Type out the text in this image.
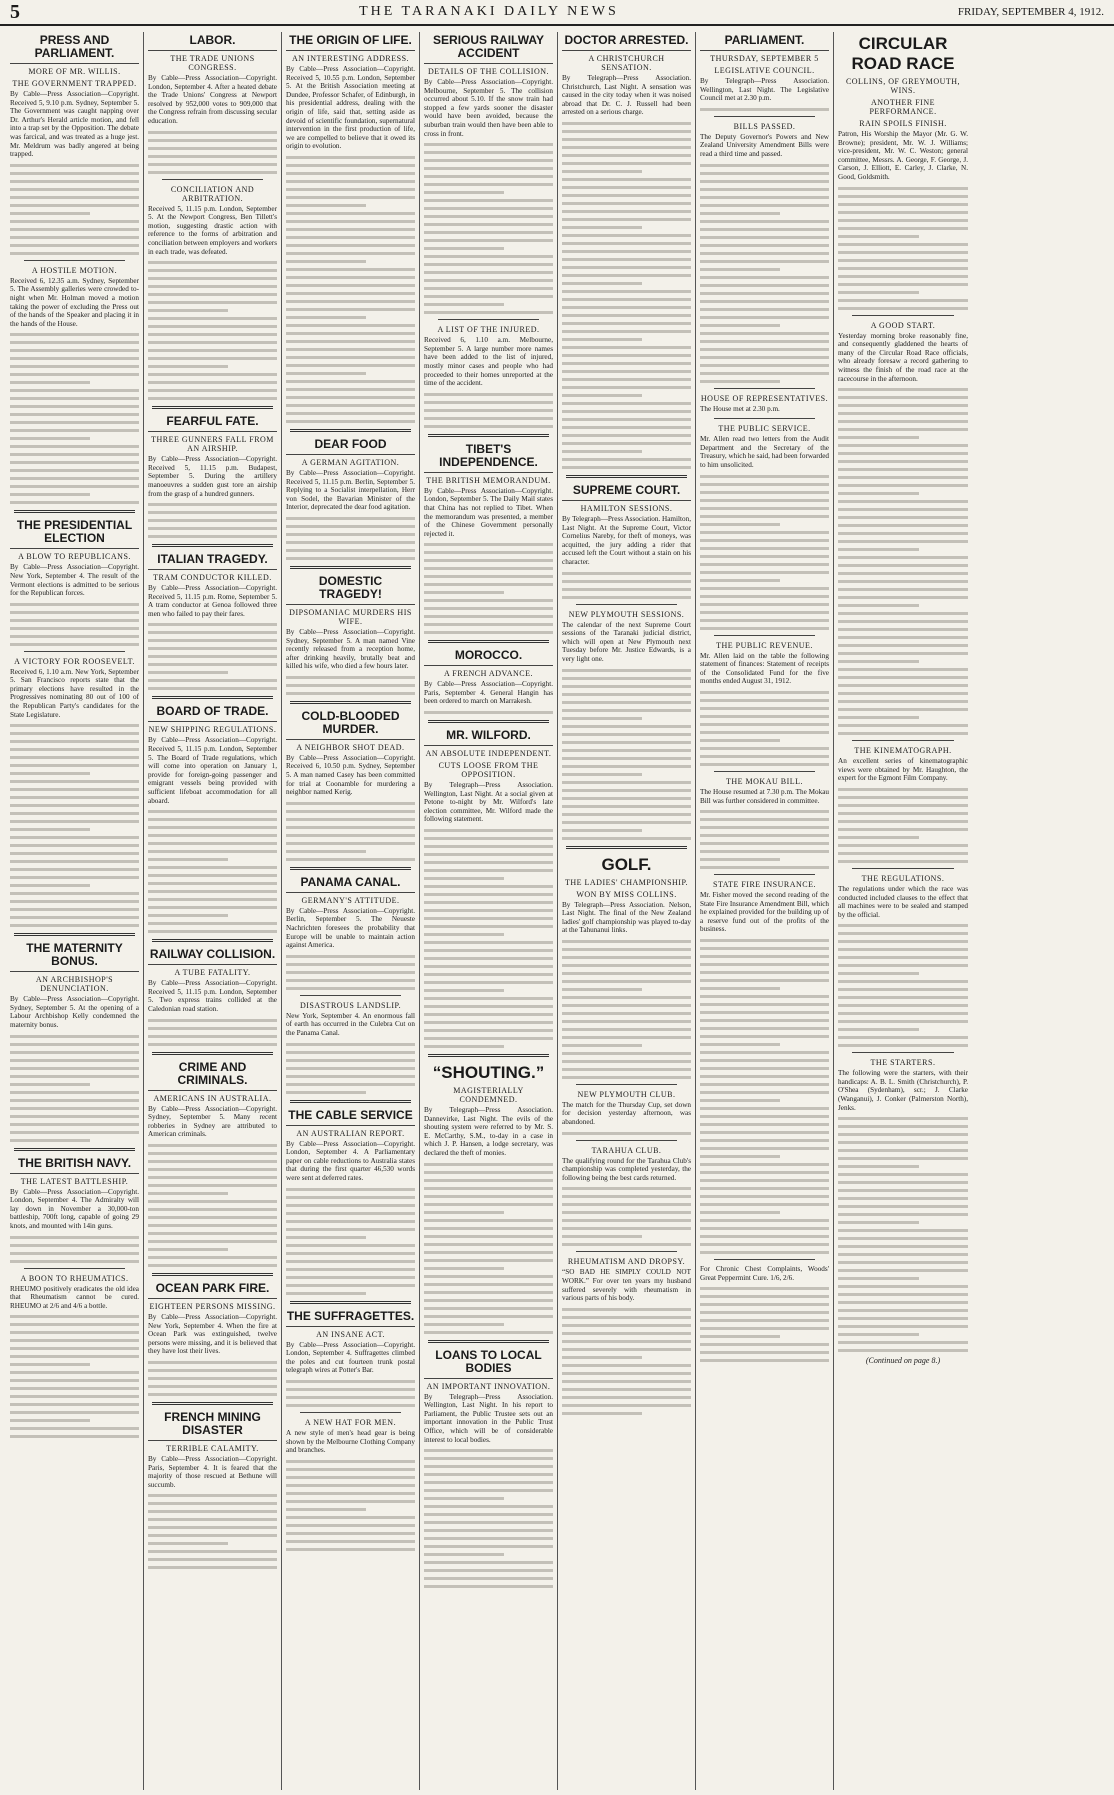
5	THE TARANAKI DAILY NEWS	FRIDAY, SEPTEMBER 4, 1912.
PRESS AND PARLIAMENT.
MORE OF MR. WILLIS.
THE GOVERNMENT TRAPPED.

By Cable—Press Association—Copyright. Received 5, 9.10 p.m. Sydney, September 5. The Government was caught napping over Dr. Arthur's Herald article motion, and fell into a trap set by the Opposition. The debate was farcical, and was treated as a huge jest. Mr. Meldrum was badly angered at being trapped.

A HOSTILE MOTION.

Received 6, 12.35 a.m. Sydney, September 5. The Assembly galleries were crowded to-night when Mr. Holman moved a motion taking the power of excluding the Press out of the hands of the Speaker and placing it in the hands of the House.

THE PRESIDENTIAL ELECTION
A BLOW TO REPUBLICANS.

By Cable—Press Association—Copyright. New York, September 4. The result of the Vermont elections is admitted to be serious for the Republican forces.

A VICTORY FOR ROOSEVELT.

Received 6, 1.10 a.m. New York, September 5. San Francisco reports state that the primary elections have resulted in the Progressives nominating 80 out of 100 of the Republican Party's candidates for the State Legislature.

THE MATERNITY BONUS.
AN ARCHBISHOP'S DENUNCIATION.

By Cable—Press Association—Copyright. Sydney, September 5. At the opening of a Labour Archbishop Kelly condemned the maternity bonus.

THE BRITISH NAVY.
THE LATEST BATTLESHIP.

By Cable—Press Association—Copyright. London, September 4. The Admiralty will lay down in November a 30,000-ton battleship, 700ft long, capable of going 29 knots, and mounted with 14in guns.

A BOON TO RHEUMATICS.

RHEUMO positively eradicates the old idea that Rheumatism cannot be cured. RHEUMO at 2/6 and 4/6 a bottle.

LABOR.
THE TRADE UNIONS CONGRESS.

By Cable—Press Association—Copyright. London, September 4. After a heated debate the Trade Unions' Congress at Newport resolved by 952,000 votes to 909,000 that the Congress refrain from discussing secular education.

CONCILIATION AND ARBITRATION.

Received 5, 11.15 p.m. London, September 5. At the Newport Congress, Ben Tillett's motion, suggesting drastic action with reference to the forms of arbitration and conciliation between employers and workers in each trade, was defeated.

FEARFUL FATE.
THREE GUNNERS FALL FROM AN AIRSHIP.

By Cable—Press Association—Copyright. Received 5, 11.15 p.m. Budapest, September 5. During the artillery manoeuvres a sudden gust tore an airship from the grasp of a hundred gunners.

ITALIAN TRAGEDY.
TRAM CONDUCTOR KILLED.

By Cable—Press Association—Copyright. Received 5, 11.15 p.m. Rome, September 5. A tram conductor at Genoa followed three men who failed to pay their fares.

BOARD OF TRADE.
NEW SHIPPING REGULATIONS.

By Cable—Press Association—Copyright. Received 5, 11.15 p.m. London, September 5. The Board of Trade regulations, which will come into operation on January 1, provide for foreign-going passenger and emigrant vessels being provided with sufficient lifeboat accommodation for all aboard.

RAILWAY COLLISION.
A TUBE FATALITY.

By Cable—Press Association—Copyright. Received 5, 11.15 p.m. London, September 5. Two express trains collided at the Caledonian road station.

CRIME AND CRIMINALS.
AMERICANS IN AUSTRALIA.

By Cable—Press Association—Copyright. Sydney, September 5. Many recent robberies in Sydney are attributed to American criminals.

OCEAN PARK FIRE.
EIGHTEEN PERSONS MISSING.

By Cable—Press Association—Copyright. New York, September 4. When the fire at Ocean Park was extinguished, twelve persons were missing, and it is believed that they have lost their lives.

FRENCH MINING DISASTER
TERRIBLE CALAMITY.

By Cable—Press Association—Copyright. Paris, September 4. It is feared that the majority of those rescued at Bethune will succumb.

THE ORIGIN OF LIFE.
AN INTERESTING ADDRESS.

By Cable—Press Association—Copyright. Received 5, 10.55 p.m. London, September 5. At the British Association meeting at Dundee, Professor Schafer, of Edinburgh, in his presidential address, dealing with the origin of life, said that, setting aside as devoid of scientific foundation, supernatural intervention in the first production of life, we are compelled to believe that it owed its origin to evolution.

DEAR FOOD
A GERMAN AGITATION.

By Cable—Press Association—Copyright. Received 5, 11.15 p.m. Berlin, September 5. Replying to a Socialist interpellation, Herr von Sodel, the Bavarian Minister of the Interior, deprecated the dear food agitation.

DOMESTIC TRAGEDY!
DIPSOMANIAC MURDERS HIS WIFE.

By Cable—Press Association—Copyright. Sydney, September 5. A man named Vine recently released from a reception home, after drinking heavily, brutally beat and killed his wife, who died a few hours later.

COLD-BLOODED MURDER.
A NEIGHBOR SHOT DEAD.

By Cable—Press Association—Copyright. Received 6, 10.50 p.m. Sydney, September 5. A man named Casey has been committed for trial at Coonamble for murdering a neighbor named Kerig.

PANAMA CANAL.
GERMANY'S ATTITUDE.

By Cable—Press Association—Copyright. Berlin, September 5. The Neueste Nachrichten foresees the probability that Europe will be unable to maintain action against America.

DISASTROUS LANDSLIP.

New York, September 4. An enormous fall of earth has occurred in the Culebra Cut on the Panama Canal.

THE CABLE SERVICE
AN AUSTRALIAN REPORT.

By Cable—Press Association—Copyright. London, September 4. A Parliamentary paper on cable reductions to Australia states that during the first quarter 46,530 words were sent at deferred rates.

THE SUFFRAGETTES.
AN INSANE ACT.

By Cable—Press Association—Copyright. London, September 4. Suffragettes climbed the poles and cut fourteen trunk postal telegraph wires at Potter's Bar.

A NEW HAT FOR MEN.

A new style of men's head gear is being shown by the Melbourne Clothing Company and branches.

SERIOUS RAILWAY ACCIDENT
DETAILS OF THE COLLISION.

By Cable—Press Association—Copyright. Melbourne, September 5. The collision occurred about 5.10. If the snow train had stopped a few yards sooner the disaster would have been avoided, because the suburban train would then have been able to cross in front.

A LIST OF THE INJURED.

Received 6, 1.10 a.m. Melbourne, September 5. A large number more names have been added to the list of injured, mostly minor cases and people who had proceeded to their homes unreported at the time of the accident.

TIBET'S INDEPENDENCE.
THE BRITISH MEMORANDUM.

By Cable—Press Association—Copyright. London, September 5. The Daily Mail states that China has not replied to Tibet. When the memorandum was presented, a member of the Chinese Government personally rejected it.

MOROCCO.
A FRENCH ADVANCE.

By Cable—Press Association—Copyright. Paris, September 4. General Hangin has been ordered to march on Marrakesh.

MR. WILFORD.
AN ABSOLUTE INDEPENDENT.
CUTS LOOSE FROM THE OPPOSITION.

By Telegraph—Press Association. Wellington, Last Night. At a social given at Petone to-night by Mr. Wilford's late election committee, Mr. Wilford made the following statement.

“SHOUTING.”
MAGISTERIALLY CONDEMNED.

By Telegraph—Press Association. Dannevirke, Last Night. The evils of the shouting system were referred to by Mr. S. E. McCarthy, S.M., to-day in a case in which J. P. Hansen, a lodge secretary, was declared the theft of monies.

LOANS TO LOCAL BODIES
AN IMPORTANT INNOVATION.

By Telegraph—Press Association. Wellington, Last Night. In his report to Parliament, the Public Trustee sets out an important innovation in the Public Trust Office, which will be of considerable interest to local bodies.

DOCTOR ARRESTED.
A CHRISTCHURCH SENSATION.

By Telegraph—Press Association. Christchurch, Last Night. A sensation was caused in the city today when it was noised abroad that Dr. C. J. Russell had been arrested on a serious charge.

SUPREME COURT.
HAMILTON SESSIONS.

By Telegraph—Press Association. Hamilton, Last Night. At the Supreme Court, Victor Cornelius Nareby, for theft of moneys, was acquitted, the jury adding a rider that accused left the Court without a stain on his character.

NEW PLYMOUTH SESSIONS.

The calendar of the next Supreme Court sessions of the Taranaki judicial district, which will open at New Plymouth next Tuesday before Mr. Justice Edwards, is a very light one.

GOLF.
THE LADIES' CHAMPIONSHIP.
WON BY MISS COLLINS.

By Telegraph—Press Association. Nelson, Last Night. The final of the New Zealand ladies' golf championship was played to-day at the Tahunanui links.

NEW PLYMOUTH CLUB.

The match for the Thursday Cup, set down for decision yesterday afternoon, was abandoned.

TARAHUA CLUB.

The qualifying round for the Tarahua Club's championship was completed yesterday, the following being the best cards returned.

RHEUMATISM AND DROPSY.

“SO BAD HE SIMPLY COULD NOT WORK.” For over ten years my husband suffered severely with rheumatism in various parts of his body.

PARLIAMENT.
THURSDAY, SEPTEMBER 5
LEGISLATIVE COUNCIL.

By Telegraph—Press Association. Wellington, Last Night. The Legislative Council met at 2.30 p.m.

BILLS PASSED.

The Deputy Governor's Powers and New Zealand University Amendment Bills were read a third time and passed.

HOUSE OF REPRESENTATIVES.

The House met at 2.30 p.m.

THE PUBLIC SERVICE.

Mr. Allen read two letters from the Audit Department and the Secretary of the Treasury, which he said, had been forwarded to him unsolicited.

THE PUBLIC REVENUE.

Mr. Allen laid on the table the following statement of finances: Statement of receipts of the Consolidated Fund for the five months ended August 31, 1912.

THE MOKAU BILL.

The House resumed at 7.30 p.m. The Mokau Bill was further considered in committee.

STATE FIRE INSURANCE.

Mr. Fisher moved the second reading of the State Fire Insurance Amendment Bill, which he explained provided for the building up of a reserve fund out of the profits of the business.

For Chronic Chest Complaints, Woods' Great Peppermint Cure. 1/6, 2/6.

CIRCULAR ROAD RACE
COLLINS, OF GREYMOUTH, WINS.
ANOTHER FINE PERFORMANCE.
RAIN SPOILS FINISH.

Patron, His Worship the Mayor (Mr. G. W. Browne); president, Mr. W. J. Williams; vice-president, Mr. W. C. Weston; general committee, Messrs. A. George, F. George, J. Carson, J. Elliott, E. Carley, J. Clarke, N. Good, Goldsmith.

A GOOD START.

Yesterday morning broke reasonably fine, and consequently gladdened the hearts of many of the Circular Road Race officials, who already foresaw a record gathering to witness the finish of the road race at the racecourse in the afternoon.

THE KINEMATOGRAPH.

An excellent series of kinematographic views were obtained by Mr. Haughton, the expert for the Egmont Film Company.

THE REGULATIONS.

The regulations under which the race was conducted included clauses to the effect that all machines were to be sealed and stamped by the official.

THE STARTERS.

The following were the starters, with their handicaps: A. B. L. Smith (Christchurch), P. O'Shea (Sydenham), scr.; J. Clarke (Wanganui), J. Conker (Palmerston North), Jenks.

(Continued on page 8.)
